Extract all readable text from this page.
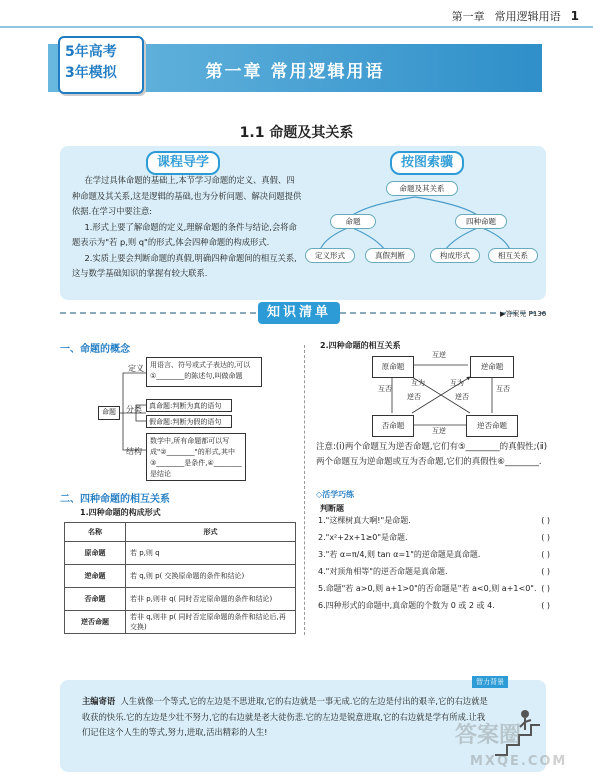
第一章 常用逻辑用语 1
第一章 常用逻辑用语
5年高考
3年模拟
1.1 命题及其关系
课程导学	按图索骥

在学过具体命题的基础上,本节学习命题的定义、真假、四种命题及其关系,这是逻辑的基础,也为分析问题、解决问题提供依据.在学习中要注意:

1.形式上要了解命题的定义,理解命题的条件与结论,会将命题表示为"若 p,则 q"的形式,体会四种命题的构成形式.

2.实质上要会判断命题的真假,明确四种命题间的相互关系,这与数学基础知识的掌握有较大联系.

命题及其关系
命题	四种命题
定义形式	真假判断	构成形式	相互关系
知识清单	▶答案见 P136
一、命题的概念
命题
定义 用语言、符号或式子表达的,可以①________的陈述句,叫做命题
分类	真命题:判断为真的语句
假命题:判断为假的语句
结构
数学中,所有命题都可以写成"②________"的形式,其中③________是条件,④________是结论
二、四种命题的相互关系
1.四种命题的构成形式
名称	形式
原命题	若 p,则 q
逆命题	若 q,则 p( 交换原命题的条件和结论)
否命题	若非 p,则非 q( 同时否定原命题的条件和结论)
逆否命题	若非 q,则非 p( 同时否定原命题的条件和结论后,再交换)
2.四种命题的相互关系
原命题	逆命题
否命题	逆否命题
互逆
互逆
互否	互否
互为
逆否
互为
逆否
注意:(ⅰ)两个命题互为逆否命题,它们有⑤________的真假性;(ⅱ)两个命题互为逆命题或互为否命题,它们的真假性⑥________.
◇活学巧练
判断题
1."这棵树真大啊!"是命题.	( )
2."x²+2x+1≥0"是命题.	( )
3."若 α=π/4,则 tan α=1"的逆命题是真命题.	( )
4."对顶角相等"的逆否命题是真命题.	( )
5.命题"若 a>0,则 a+1>0"的否命题是"若 a<0,则 a+1<0". ( )
6.四种形式的命题中,真命题的个数为 0 或 2 或 4.	( )
智力背景
主编寄语 人生就像一个等式,它的左边是不思进取,它的右边就是一事无成.它的左边是付出的艰辛,它的右边就是收获的快乐.它的左边是少壮不努力,它的右边就是老大徒伤悲.它的左边是锐意进取,它的右边就是学有所成.让我们记住这个人生的等式,努力,进取,活出精彩的人生!	答案圈
MXQE.COM
